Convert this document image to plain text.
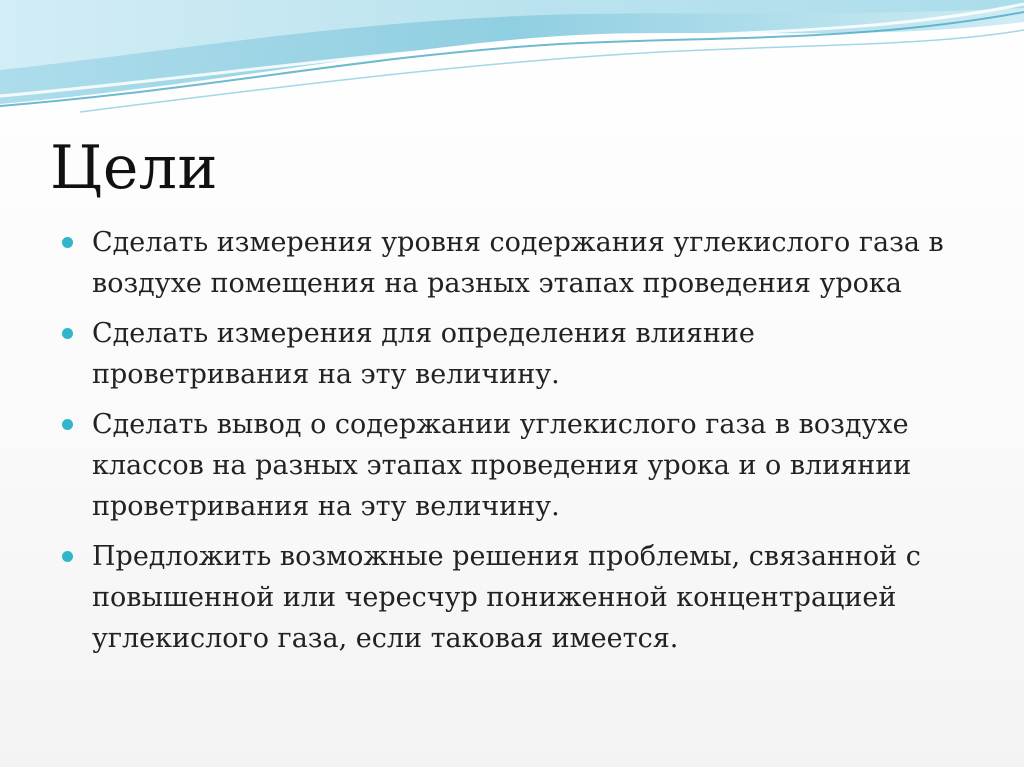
Цели
Сделать измерения уровня содержания углекислого газа в воздухе помещения на разных этапах проведения урока
Сделать измерения для определения влияние проветривания на эту величину.
Сделать вывод о содержании углекислого газа в воздухе классов на разных этапах проведения урока и о влиянии проветривания на эту величину.
Предложить возможные решения проблемы, связанной с повышенной или чересчур пониженной концентрацией углекислого газа, если таковая имеется.
